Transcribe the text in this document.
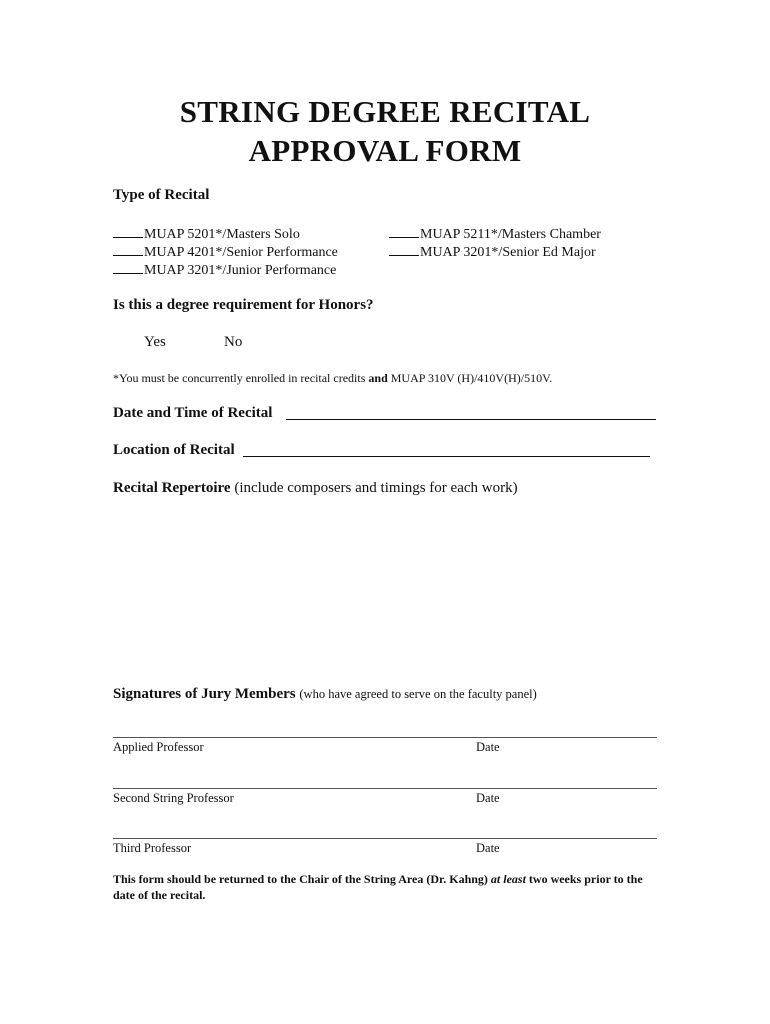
STRING DEGREE RECITAL
APPROVAL FORM
Type of Recital
MUAP 5201*/Masters Solo
MUAP 4201*/Senior Performance
MUAP 3201*/Junior Performance
MUAP 5211*/Masters Chamber
MUAP 3201*/Senior Ed Major
Is this a degree requirement for Honors?
Yes	No
*You must be concurrently enrolled in recital credits and MUAP 310V (H)/410V(H)/510V.
Date and Time of Recital
Location of Recital
Recital Repertoire (include composers and timings for each work)
Signatures of Jury Members (who have agreed to serve on the faculty panel)
Applied Professor	Date
Second String Professor	Date
Third Professor	Date
This form should be returned to the Chair of the String Area (Dr. Kahng) at least two weeks prior to the date of the recital.
